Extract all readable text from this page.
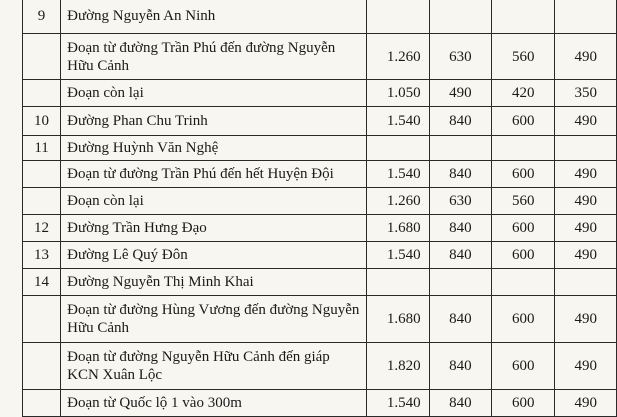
9	Đường Nguyễn An Ninh				
	Đoạn từ đường Trần Phú đến đường Nguyễn Hữu Cảnh	1.260	630	560	490
	Đoạn còn lại	1.050	490	420	350
10	Đường Phan Chu Trinh	1.540	840	600	490
11	Đường Huỳnh Văn Nghệ				
	Đoạn từ đường Trần Phú đến hết Huyện Đội	1.540	840	600	490
	Đoạn còn lại	1.260	630	560	490
12	Đường Trần Hưng Đạo	1.680	840	600	490
13	Đường Lê Quý Đôn	1.540	840	600	490
14	Đường Nguyễn Thị Minh Khai				
	Đoạn từ đường Hùng Vương đến đường Nguyễn Hữu Cảnh	1.680	840	600	490
	Đoạn từ đường Nguyễn Hữu Cảnh đến giáp KCN Xuân Lộc	1.820	840	600	490
	Đoạn từ Quốc lộ 1 vào 300m	1.540	840	600	490
